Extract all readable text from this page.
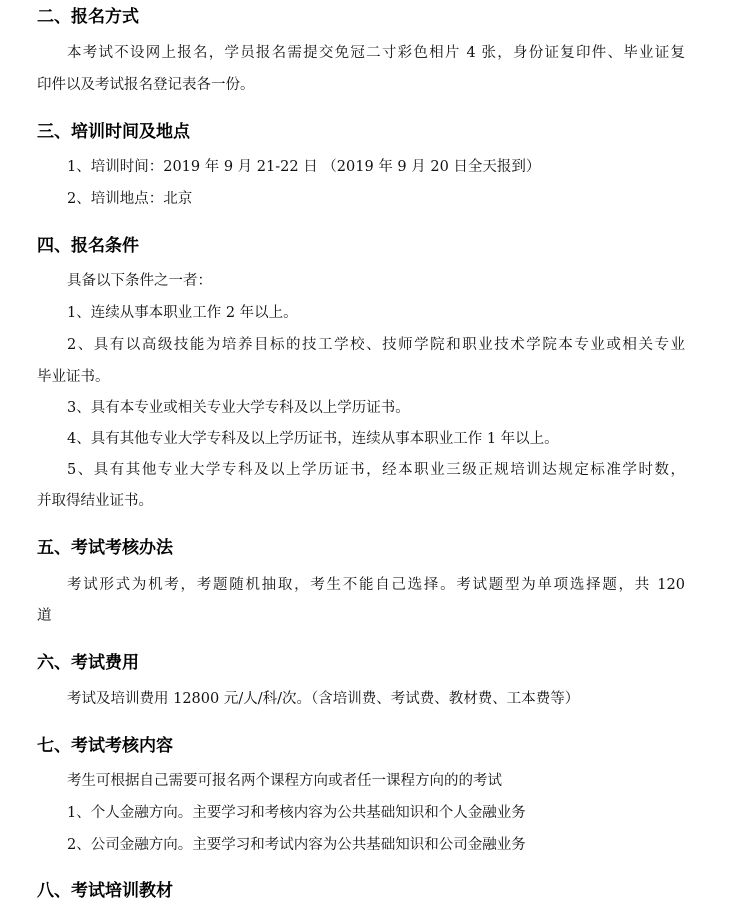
二、报名方式
本考试不设网上报名，学员报名需提交免冠二寸彩色相片 4 张，身份证复印件、毕业证复
印件以及考试报名登记表各一份。
三、培训时间及地点
1、培训时间：2019 年 9 月 21-22 日 （2019 年 9 月 20 日全天报到）
2、培训地点：北京
四、报名条件
具备以下条件之一者：
1、连续从事本职业工作 2 年以上。
2、具有以高级技能为培养目标的技工学校、技师学院和职业技术学院本专业或相关专业
毕业证书。
3、具有本专业或相关专业大学专科及以上学历证书。
4、具有其他专业大学专科及以上学历证书，连续从事本职业工作 1 年以上。
5、具有其他专业大学专科及以上学历证书，经本职业三级正规培训达规定标准学时数，
并取得结业证书。
五、考试考核办法
考试形式为机考，考题随机抽取，考生不能自己选择。考试题型为单项选择题，共 120
道
六、考试费用
考试及培训费用 12800 元/人/科/次。（含培训费、考试费、教材费、工本费等）
七、考试考核内容
考生可根据自己需要可报名两个课程方向或者任一课程方向的的考试
1、个人金融方向。主要学习和考核内容为公共基础知识和个人金融业务
2、公司金融方向。主要学习和考试内容为公共基础知识和公司金融业务
八、考试培训教材
